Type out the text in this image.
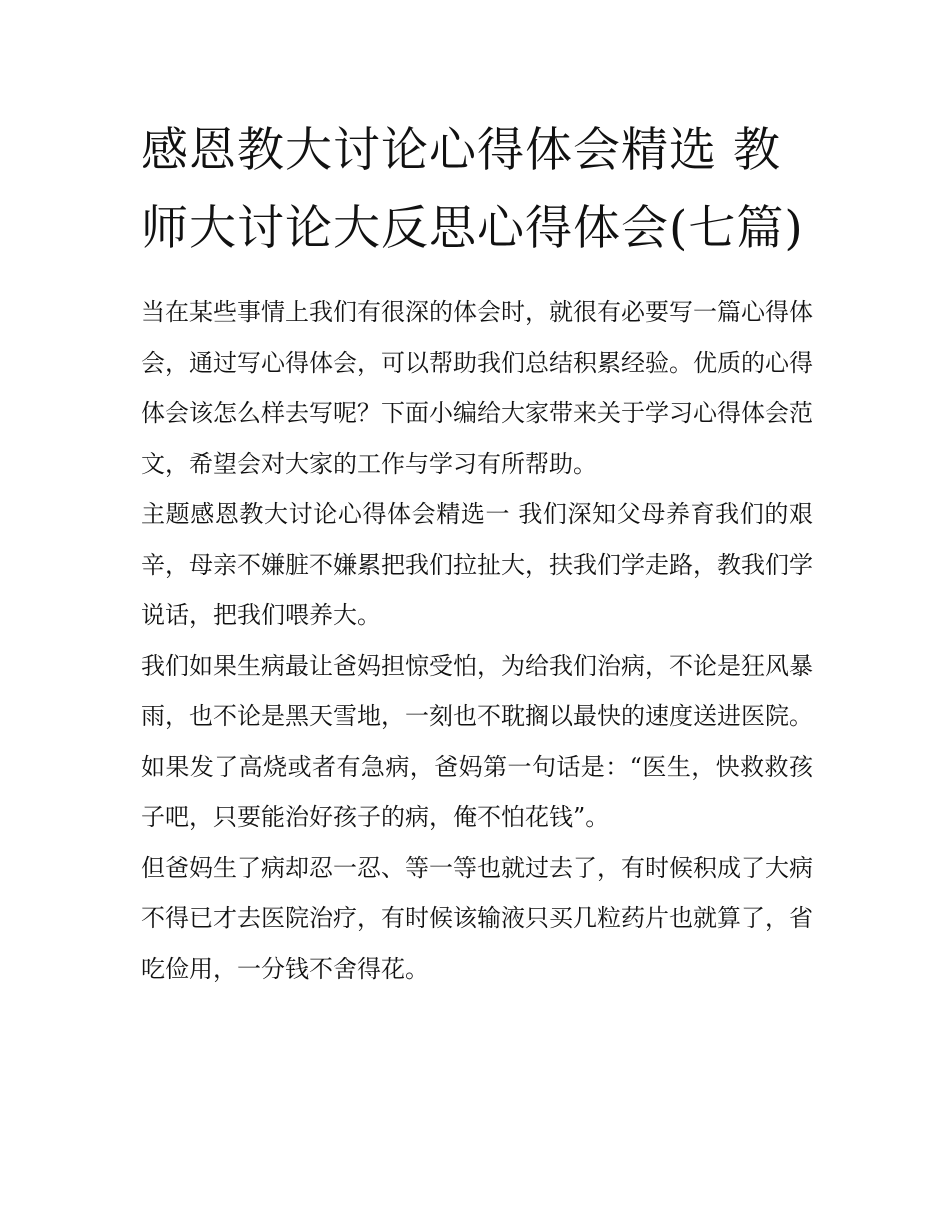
感恩教大讨论心得体会精选 教师大讨论大反思心得体会(七篇)

当在某些事情上我们有很深的体会时，就很有必要写一篇心得体会，通过写心得体会，可以帮助我们总结积累经验。优质的心得体会该怎么样去写呢？下面小编给大家带来关于学习心得体会范文，希望会对大家的工作与学习有所帮助。

主题感恩教大讨论心得体会精选一 我们深知父母养育我们的艰辛，母亲不嫌脏不嫌累把我们拉扯大，扶我们学走路，教我们学说话，把我们喂养大。

我们如果生病最让爸妈担惊受怕，为给我们治病，不论是狂风暴雨，也不论是黑天雪地，一刻也不耽搁以最快的速度送进医院。

如果发了高烧或者有急病，爸妈第一句话是：“医生，快救救孩子吧，只要能治好孩子的病，俺不怕花钱”。

但爸妈生了病却忍一忍、等一等也就过去了，有时候积成了大病不得已才去医院治疗，有时候该输液只买几粒药片也就算了，省吃俭用，一分钱不舍得花。
